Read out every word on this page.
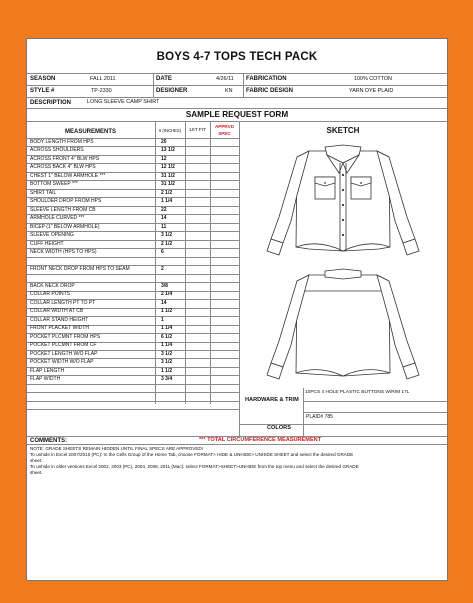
BOYS 4-7 TOPS TECH PACK
SEASON	FALL 2011	DATE	4/26/11 FABRICATION	100% COTTON
STYLE #	TP-2330	DESIGNER	KN FABRIC DESIGN	YARN DYE PLAID
DESCRIPTION	LONG SLEEVE CAMP SHIRT
SAMPLE REQUEST FORM
MEASUREMENTS	6 (INCHES)	1ST FIT
APPRVD
SPEC	SKETCH
BODY LENGTH FROM HPS	20
ACROSS SHOULDERS	13 1/2
ACROSS FRONT 4" BLW HPS	12
ACROSS BACK 4" BLW HPS	12 1/2
CHEST 1" BELOW ARMHOLE ***	31 1/2
BOTTOM SWEEP ***	31 1/2
SHIRT TAIL	2 1/2
SHOULDER DROP FROM HPS	1 1/4
SLEEVE LENGTH FROM CB	22
ARMHOLE CURVED ***	14
BICEP (1" BELOW ARMHOLE)	11
SLEEVE OPENING	3 1/2
CUFF HEIGHT	2 1/2
NECK WIDTH (HPS TO HPS)	6
FRONT NECK DROP FROM HPS TO SEAM	2
BACK NECK DROP	3/8
COLLAR POINTS	2 1/4
COLLAR LENGTH PT TO PT	14
COLLAR WIDTH AT CB	1 1/2
COLLAR STAND HEIGHT	1
FRONT PLACKET WIDTH	1 1/4
POCKET PLCMNT FROM HPS	6 1/2
POCKET PLCMNT FROM CF	1 1/4
POCKET LENGTH W/O FLAP	3 1/2
POCKET WIDTH W/O FLAP	3 1/2
FLAP LENGTH	1 1/2
FLAP WIDTH	3 3/4
HARDWARE & TRIM
10PCS 4 HOLE PLASTIC BUTTONS W/RIM 17L
COLORS
PLAID# 785
COMMENTS:	*** TOTAL CIRCUMFERENCE MEASUREMENT
NOTE: GRADE SHEETS REMAIN HIDDEN UNTIL FINAL SPECS ARE APPROVED!
To unhide in Excel 2007/2010 (PC): In the Cells Group of the Home Tab, choose FORMAT> HIDE & UNHIDE> UNHIDE SHEET and select the desired GRADE
sheet.
To unhide in older versions Excel 2002, 2003 (PC), 2004, 2008, 2011 (Mac): select FORMAT>SHEET>UNHIDE from the top menu and select the desired GRADE
sheet.
